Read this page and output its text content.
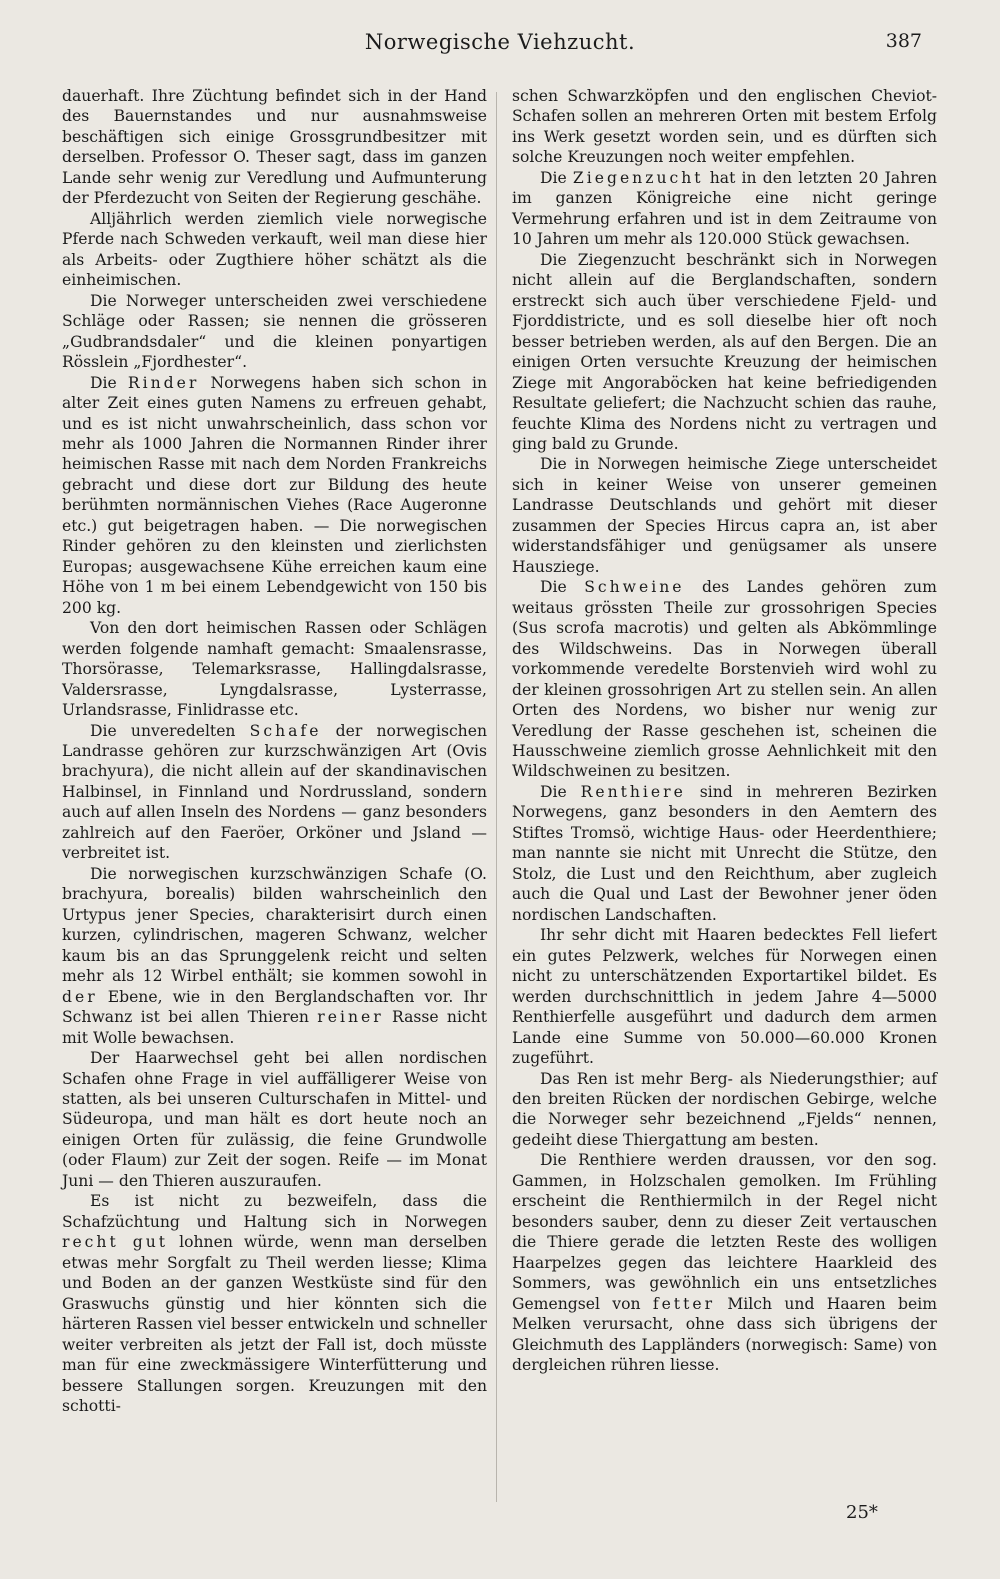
Norwegische Viehzucht.	387

dauerhaft. Ihre Züchtung befindet sich in der Hand des Bauernstandes und nur ausnahmsweise beschäftigen sich einige Grossgrundbesitzer mit derselben. Professor O. Theser sagt, dass im ganzen Lande sehr wenig zur Veredlung und Aufmunterung der Pferdezucht von Seiten der Regierung geschähe.

Alljährlich werden ziemlich viele norwegische Pferde nach Schweden verkauft, weil man diese hier als Arbeits- oder Zugthiere höher schätzt als die einheimischen.

Die Norweger unterscheiden zwei verschiedene Schläge oder Rassen; sie nennen die grösseren „Gudbrandsdaler“ und die kleinen ponyartigen Rösslein „Fjordhester“.

Die Rinder Norwegens haben sich schon in alter Zeit eines guten Namens zu erfreuen gehabt, und es ist nicht unwahrscheinlich, dass schon vor mehr als 1000 Jahren die Normannen Rinder ihrer heimischen Rasse mit nach dem Norden Frankreichs gebracht und diese dort zur Bildung des heute berühmten normännischen Viehes (Race Augeronne etc.) gut beigetragen haben. — Die norwegischen Rinder gehören zu den kleinsten und zierlichsten Europas; ausgewachsene Kühe erreichen kaum eine Höhe von 1 m bei einem Lebendgewicht von 150 bis 200 kg.

Von den dort heimischen Rassen oder Schlägen werden folgende namhaft gemacht: Smaalensrasse, Thorsörasse, Telemarksrasse, Hallingdalsrasse, Valdersrasse, Lyngdalsrasse, Lysterrasse, Urlandsrasse, Finlidrasse etc.

Die unveredelten Schafe der norwegischen Landrasse gehören zur kurzschwänzigen Art (Ovis brachyura), die nicht allein auf der skandinavischen Halbinsel, in Finnland und Nordrussland, sondern auch auf allen Inseln des Nordens — ganz besonders zahlreich auf den Faeröer, Orköner und Jsland — verbreitet ist.

Die norwegischen kurzschwänzigen Schafe (O. brachyura, borealis) bilden wahrscheinlich den Urtypus jener Species, charakterisirt durch einen kurzen, cylindrischen, mageren Schwanz, welcher kaum bis an das Sprunggelenk reicht und selten mehr als 12 Wirbel enthält; sie kommen sowohl in der Ebene, wie in den Berglandschaften vor. Ihr Schwanz ist bei allen Thieren reiner Rasse nicht mit Wolle bewachsen.

Der Haarwechsel geht bei allen nordischen Schafen ohne Frage in viel auffälligerer Weise von statten, als bei unseren Culturschafen in Mittel- und Südeuropa, und man hält es dort heute noch an einigen Orten für zulässig, die feine Grundwolle (oder Flaum) zur Zeit der sogen. Reife — im Monat Juni — den Thieren auszuraufen.

Es ist nicht zu bezweifeln, dass die Schafzüchtung und Haltung sich in Norwegen recht gut lohnen würde, wenn man derselben etwas mehr Sorgfalt zu Theil werden liesse; Klima und Boden an der ganzen Westküste sind für den Graswuchs günstig und hier könnten sich die härteren Rassen viel besser entwickeln und schneller weiter verbreiten als jetzt der Fall ist, doch müsste man für eine zweckmässigere Winterfütterung und bessere Stallungen sorgen. Kreuzungen mit den schotti-

schen Schwarzköpfen und den englischen Cheviot-Schafen sollen an mehreren Orten mit bestem Erfolg ins Werk gesetzt worden sein, und es dürften sich solche Kreuzungen noch weiter empfehlen.

Die Ziegenzucht hat in den letzten 20 Jahren im ganzen Königreiche eine nicht geringe Vermehrung erfahren und ist in dem Zeitraume von 10 Jahren um mehr als 120.000 Stück gewachsen.

Die Ziegenzucht beschränkt sich in Norwegen nicht allein auf die Berglandschaften, sondern erstreckt sich auch über verschiedene Fjeld- und Fjorddistricte, und es soll dieselbe hier oft noch besser betrieben werden, als auf den Bergen. Die an einigen Orten versuchte Kreuzung der heimischen Ziege mit Angoraböcken hat keine befriedigenden Resultate geliefert; die Nachzucht schien das rauhe, feuchte Klima des Nordens nicht zu vertragen und ging bald zu Grunde.

Die in Norwegen heimische Ziege unterscheidet sich in keiner Weise von unserer gemeinen Landrasse Deutschlands und gehört mit dieser zusammen der Species Hircus capra an, ist aber widerstandsfähiger und genügsamer als unsere Hausziege.

Die Schweine des Landes gehören zum weitaus grössten Theile zur grossohrigen Species (Sus scrofa macrotis) und gelten als Abkömmlinge des Wildschweins. Das in Norwegen überall vorkommende veredelte Borstenvieh wird wohl zu der kleinen grossohrigen Art zu stellen sein. An allen Orten des Nordens, wo bisher nur wenig zur Veredlung der Rasse geschehen ist, scheinen die Hausschweine ziemlich grosse Aehnlichkeit mit den Wildschweinen zu besitzen.

Die Renthiere sind in mehreren Bezirken Norwegens, ganz besonders in den Aemtern des Stiftes Tromsö, wichtige Haus- oder Heerdenthiere; man nannte sie nicht mit Unrecht die Stütze, den Stolz, die Lust und den Reichthum, aber zugleich auch die Qual und Last der Bewohner jener öden nordischen Landschaften.

Ihr sehr dicht mit Haaren bedecktes Fell liefert ein gutes Pelzwerk, welches für Norwegen einen nicht zu unterschätzenden Exportartikel bildet. Es werden durchschnittlich in jedem Jahre 4—5000 Renthierfelle ausgeführt und dadurch dem armen Lande eine Summe von 50.000—60.000 Kronen zugeführt.

Das Ren ist mehr Berg- als Niederungsthier; auf den breiten Rücken der nordischen Gebirge, welche die Norweger sehr bezeichnend „Fjelds“ nennen, gedeiht diese Thiergattung am besten.

Die Renthiere werden draussen, vor den sog. Gammen, in Holzschalen gemolken. Im Frühling erscheint die Renthiermilch in der Regel nicht besonders sauber, denn zu dieser Zeit vertauschen die Thiere gerade die letzten Reste des wolligen Haarpelzes gegen das leichtere Haarkleid des Sommers, was gewöhnlich ein uns entsetzliches Gemengsel von fetter Milch und Haaren beim Melken verursacht, ohne dass sich übrigens der Gleichmuth des Lappländers (norwegisch: Same) von dergleichen rühren liesse.

25*
